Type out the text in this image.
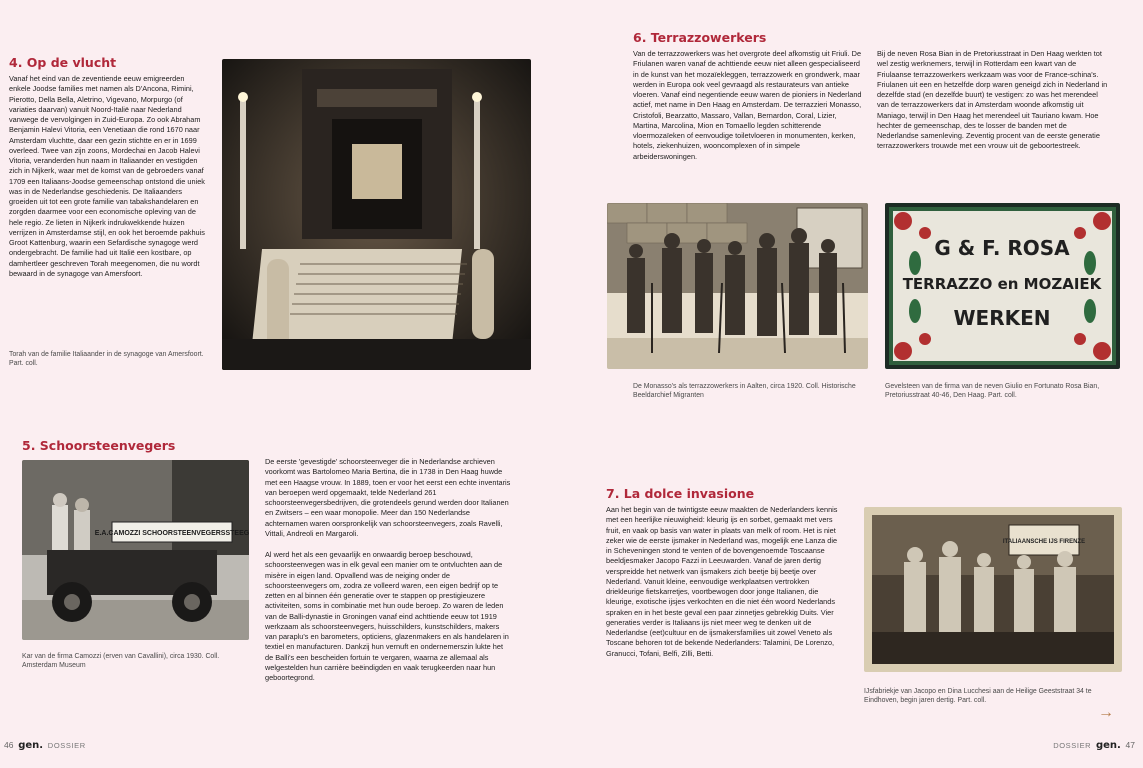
4. Op de vlucht

Vanaf het eind van de zeventiende eeuw emigreerden enkele Joodse families met namen als D'Ancona, Rimini, Pierotto, Della Bella, Aletrino, Vigevano, Morpurgo (of variaties daarvan) vanuit Noord-Italië naar Nederland vanwege de vervolgingen in Zuid-Europa. Zo ook Abraham Benjamin Halevi Vitoria, een Venetiaan die rond 1670 naar Amsterdam vluchtte, daar een gezin stichtte en er in 1699 overleed. Twee van zijn zoons, Mordechai en Jacob Halevi Vitoria, veranderden hun naam in Italiaander en vestigden zich in Nijkerk, waar met de komst van de gebroeders vanaf 1709 een Italiaans-Joodse gemeenschap ontstond die uniek was in de Nederlandse geschiedenis. De Italiaanders groeiden uit tot een grote familie van tabakshandelaren en zorgden daarmee voor een economische opleving van de hele regio. Ze lieten in Nijkerk indrukwekkende huizen verrijzen in Amsterdamse stijl, en ook het beroemde pakhuis Groot Kattenburg, waarin een Sefardische synagoge werd ondergebracht. De familie had uit Italië een kostbare, op damhertleer geschreven Torah meegenomen, die nu wordt bewaard in de synagoge van Amersfoort.

Torah van de familie Italiaander in de synagoge van Amersfoort. Part. coll.

5. Schoorsteenvegers
E.A.CAMOZZI SCHOORSTEENVEGERSSTEEG

Kar van de firma Camozzi (erven van Cavallini), circa 1930. Coll. Amsterdam Museum

De eerste 'gevestigde' schoorsteenveger die in Nederlandse archieven voorkomt was Bartolomeo Maria Bertina, die in 1738 in Den Haag huwde met een Haagse vrouw. In 1889, toen er voor het eerst een echte inventaris van beroepen werd opgemaakt, telde Nederland 261 schoorsteenvegersbedrijven, die grotendeels gerund werden door Italianen en Zwitsers – een waar monopolie. Meer dan 150 Nederlandse achternamen waren oorspronkelijk van schoorsteenvegers, zoals Ravelli, Vittali, Andreoli en Margaroli.

Al werd het als een gevaarlijk en onwaardig beroep beschouwd, schoorsteenvegen was in elk geval een manier om te ontvluchten aan de misère in eigen land. Opvallend was de neiging onder de schoorsteenvegers om, zodra ze volleerd waren, een eigen bedrijf op te zetten en al binnen één generatie over te stappen op prestigieuzere activiteiten, soms in combinatie met hun oude beroep. Zo waren de leden van de Balli-dynastie in Groningen vanaf eind achttiende eeuw tot 1919 werkzaam als schoorsteenvegers, huisschilders, kunstschilders, makers van paraplu's en barometers, opticiens, glazenmakers en als handelaren in textiel en manufacturen. Dankzij hun vernuft en ondernemerszin lukte het de Balli's een bescheiden fortuin te vergaren, waarna ze allemaal als welgestelden hun carrière beëindigden en vaak terugkeerden naar hun geboortegrond.

6. Terrazzowerkers

Van de terrazzowerkers was het overgrote deel afkomstig uit Friuli. De Friulanen waren vanaf de achttiende eeuw niet alleen gespecialiseerd in de kunst van het mozaïekleggen, terrazzowerk en grondwerk, maar werden in Europa ook veel gevraagd als restaurateurs van antieke vloeren. Vanaf eind negentiende eeuw waren de pioniers in Nederland actief, met name in Den Haag en Amsterdam. De terrazzieri Monasso, Cristofoli, Bearzatto, Massaro, Vallan, Bernardon, Coral, Lizier, Martina, Marcolina, Mion en Tomaello legden schitterende vloermozaïeken of eenvoudige toiletvloeren in monumenten, kerken, hotels, ziekenhuizen, wooncomplexen of in simpele arbeiderswoningen.

Bij de neven Rosa Bian in de Pretoriusstraat in Den Haag werkten tot wel zestig werknemers, terwijl in Rotterdam een kwart van de Friulaanse terrazzowerkers werkzaam was voor de France-schina's. Friulanen uit een en hetzelfde dorp waren geneigd zich in Nederland in dezelfde stad (en dezelfde buurt) te vestigen: zo was het merendeel van de terrazzowerkers dat in Amsterdam woonde afkomstig uit Maniago, terwijl in Den Haag het merendeel uit Tauriano kwam. Hoe hechter de gemeenschap, des te losser de banden met de Nederlandse samenleving. Zeventig procent van de eerste generatie terrazzowerkers trouwde met een vrouw uit de geboortestreek.

De Monasso's als terrazzowerkers in Aalten, circa 1920. Coll. Historische Beeldarchief Migranten

G & F. ROSA
TERRAZZO en MOZAIEK
WERKEN

Gevelsteen van de firma van de neven Giulio en Fortunato Rosa Bian, Pretoriusstraat 40-46, Den Haag. Part. coll.

7. La dolce invasione

Aan het begin van de twintigste eeuw maakten de Nederlanders kennis met een heerlijke nieuwigheid: kleurig ijs en sorbet, gemaakt met vers fruit, en vaak op basis van water in plaats van melk of room. Het is niet zeker wie de eerste ijsmaker in Nederland was, mogelijk ene Lanza die in Scheveningen stond te venten of de bovengenoemde Toscaanse beeldjesmaker Jacopo Fazzi in Leeuwarden. Vanaf de jaren dertig verspreidde het netwerk van ijsmakers zich beetje bij beetje over Nederland. Vanuit kleine, eenvoudige werkplaatsen vertrokken driekleurige fietskarretjes, voortbewogen door jonge Italianen, die kleurige, exotische ijsjes verkochten en die niet één woord Nederlands spraken en in het beste geval een paar zinnetjes gebrekkig Duits. Vier generaties verder is Italiaans ijs niet meer weg te denken uit de Nederlandse (eet)cultuur en de ijsmakersfamilies uit zowel Veneto als Toscane behoren tot de bekende Nederlanders: Talamini, De Lorenzo, Granucci, Tofani, Belfi, Zilli, Betti.

ITALIAANSCHE IJS FIRENZE

IJsfabriekje van Jacopo en Dina Lucchesi aan de Heilige Geeststraat 34 te Eindhoven, begin jaren dertig. Part. coll.

46 gen. DOSSIER	DOSSIER gen. 47
→
